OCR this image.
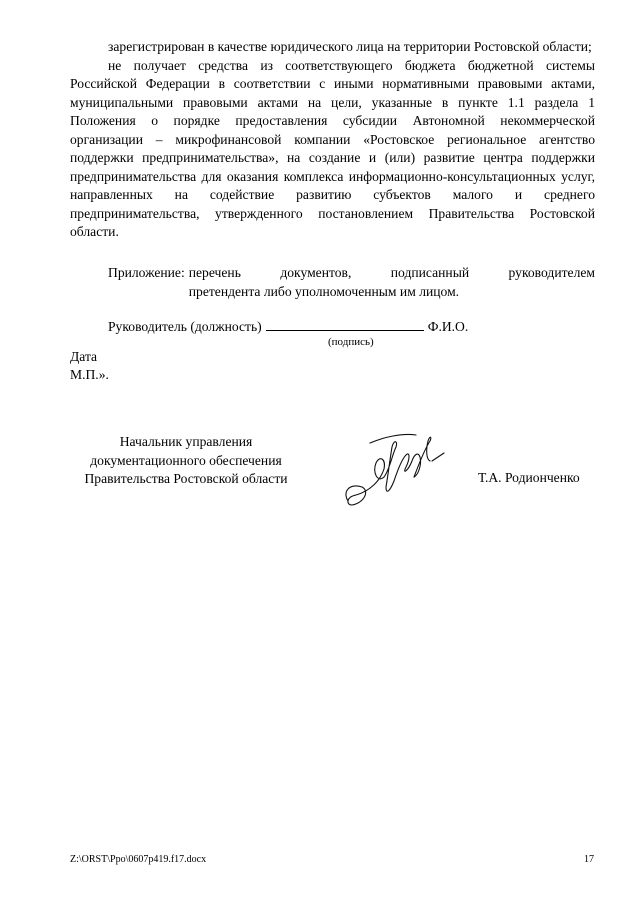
зарегистрирован в качестве юридического лица на территории Ростовской области;

не получает средства из соответствующего бюджета бюджетной системы Российской Федерации в соответствии с иными нормативными правовыми актами, муниципальными правовыми актами на цели, указанные в пункте 1.1 раздела 1 Положения о порядке предоставления субсидии Автономной некоммерческой организации – микрофинансовой компании «Ростовское региональное агентство поддержки предпринимательства», на создание и (или) развитие центра поддержки предпринимательства для оказания комплекса информационно-консультационных услуг, направленных на содействие развитию субъектов малого и среднего предпринимательства, утвержденного постановлением Правительства Ростовской области.

Приложение: перечень документов, подписанный руководителем
претендента либо уполномоченным им лицом.
Руководитель (должность)	Ф.И.О.
(подпись)
Дата
М.П.».
Начальник управления
документационного обеспечения
Правительства Ростовской области	Т.А. Родионченко
Z:\ORST\Ppo\0607p419.f17.docx	17
